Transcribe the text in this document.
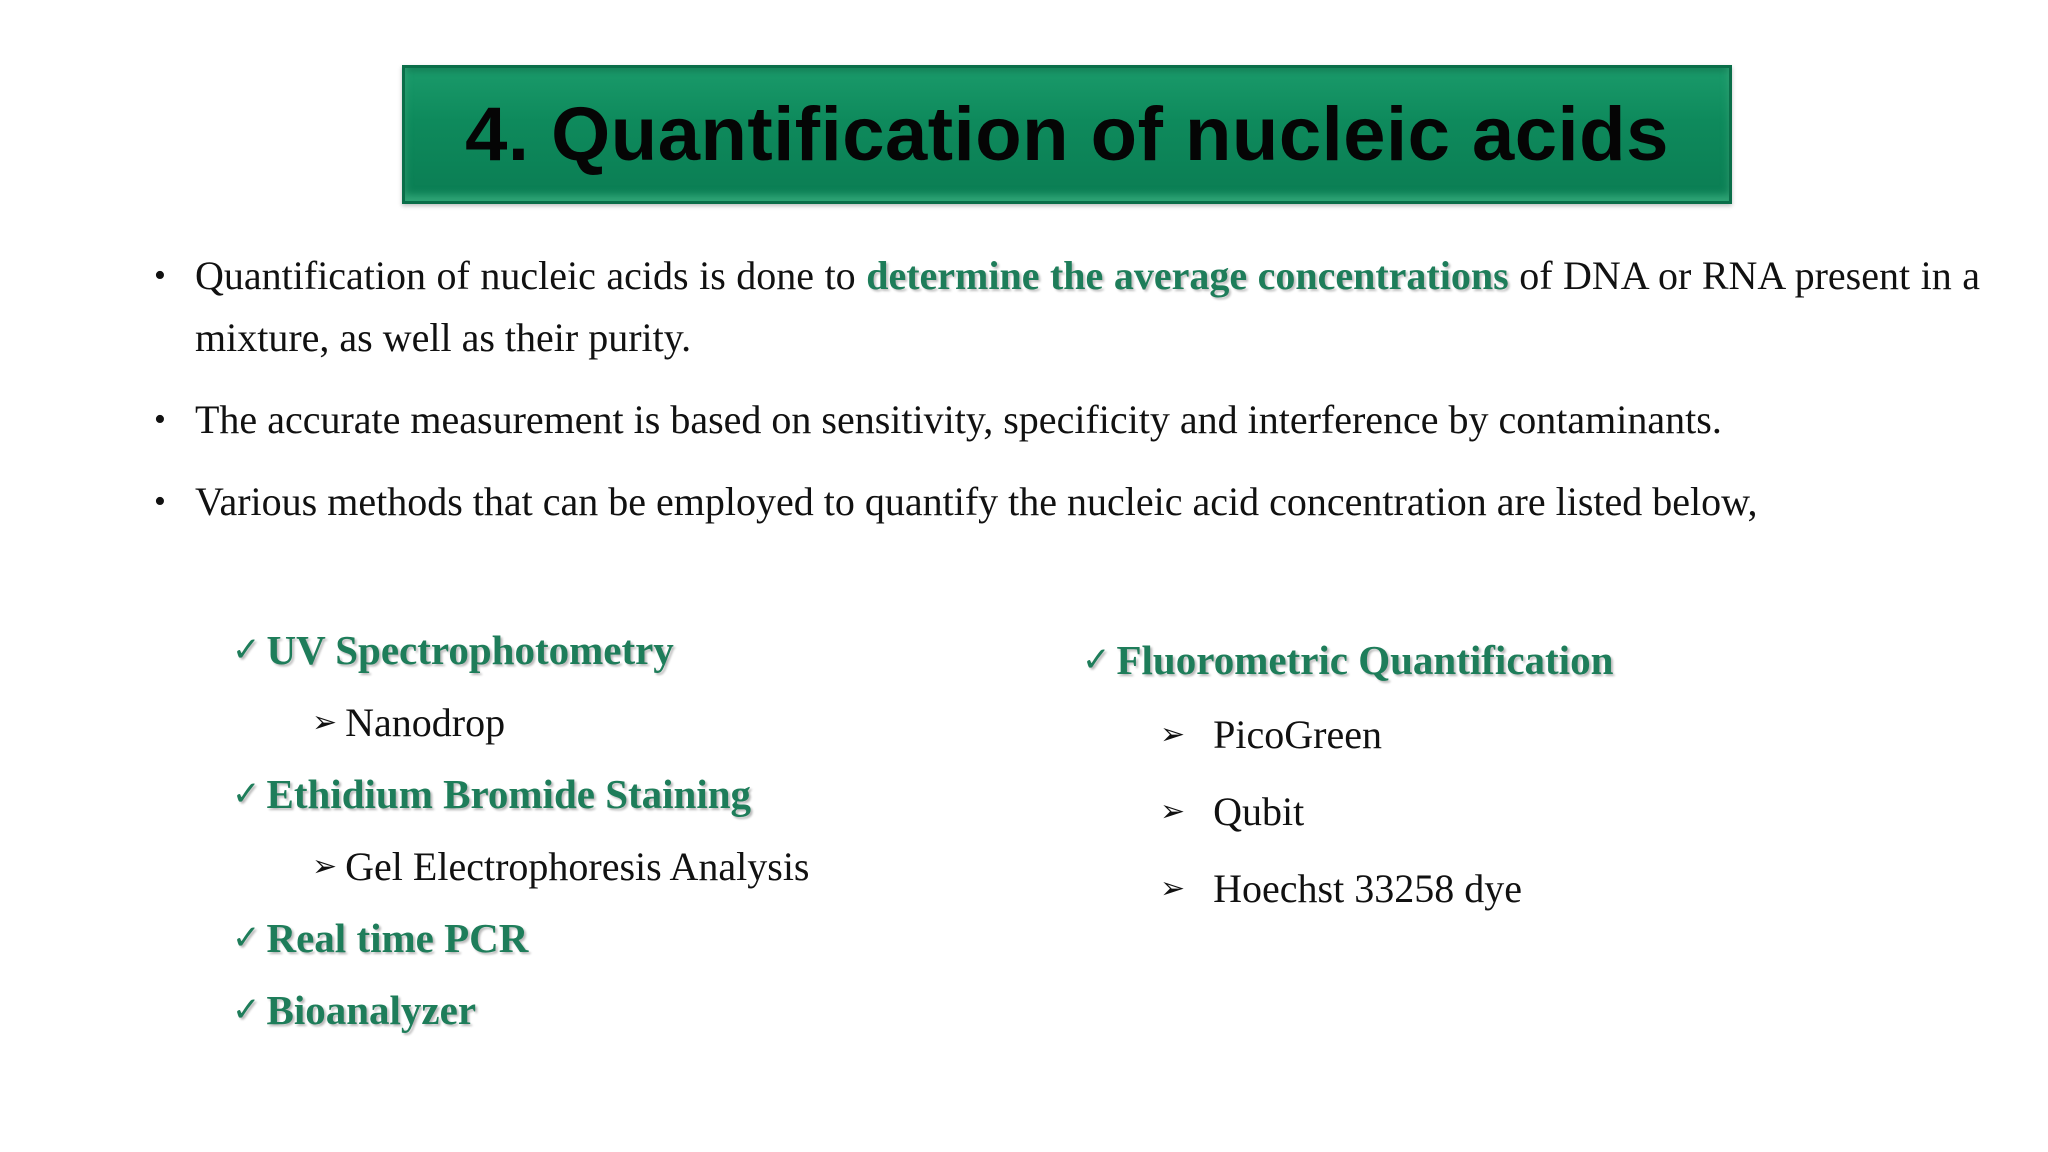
4. Quantification of nucleic acids
• Quantification of nucleic acids is done to determine the average concentrations of DNA or RNA present in a mixture, as well as their purity.
• The accurate measurement is based on sensitivity, specificity and interference by contaminants.
• Various methods that can be employed to quantify the nucleic acid concentration are listed below,
✓ UV Spectrophotometry
➢ Nanodrop
✓ Ethidium Bromide Staining
➢ Gel Electrophoresis Analysis
✓ Real time PCR
✓ Bioanalyzer
✓ Fluorometric Quantification
➢ PicoGreen
➢ Qubit
➢ Hoechst 33258 dye
